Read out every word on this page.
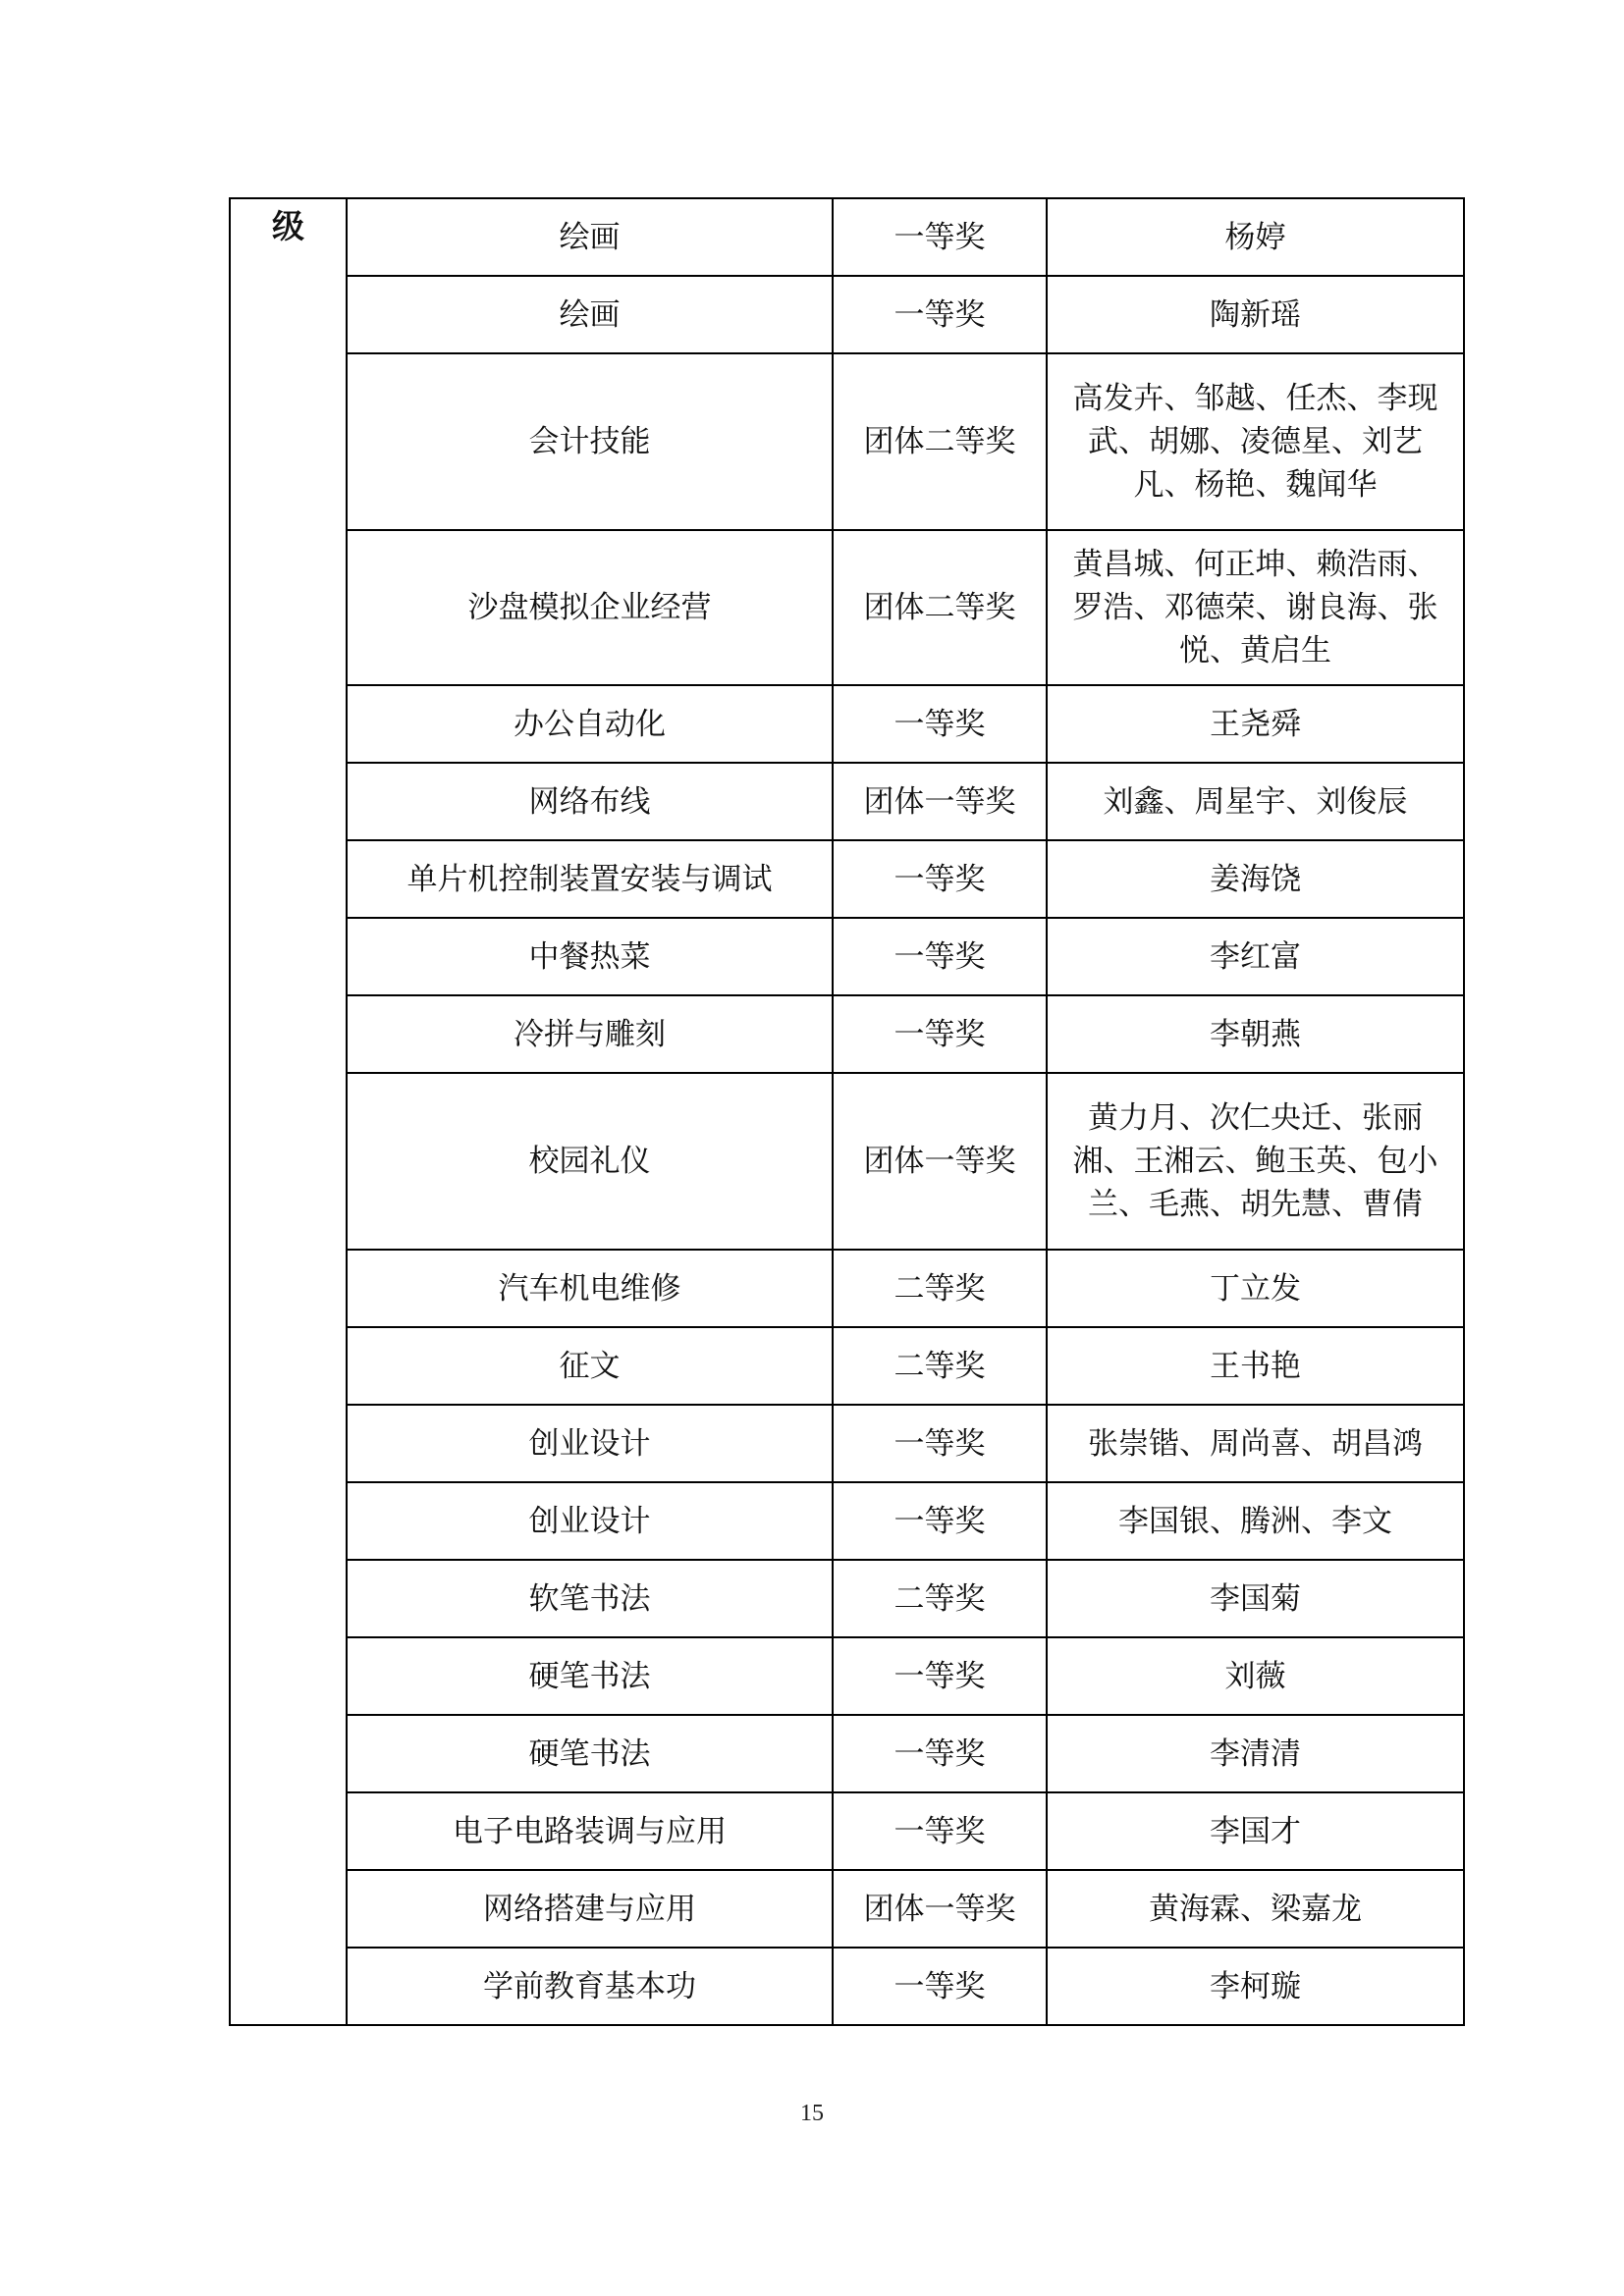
级	绘画	一等奖	杨婷
	绘画	一等奖	陶新瑶
	会计技能	团体二等奖	高发卉、邹越、任杰、李现武、胡娜、凌德星、刘艺凡、杨艳、魏闻华
	沙盘模拟企业经营	团体二等奖	黄昌城、何正坤、赖浩雨、罗浩、邓德荣、谢良海、张悦、黄启生
	办公自动化	一等奖	王尧舜
	网络布线	团体一等奖	刘鑫、周星宇、刘俊辰
	单片机控制装置安装与调试	一等奖	姜海饶
	中餐热菜	一等奖	李红富
	冷拼与雕刻	一等奖	李朝燕
	校园礼仪	团体一等奖	黄力月、次仁央迁、张丽湘、王湘云、鲍玉英、包小兰、毛燕、胡先慧、曹倩
	汽车机电维修	二等奖	丁立发
	征文	二等奖	王书艳
	创业设计	一等奖	张崇锴、周尚喜、胡昌鸿
	创业设计	一等奖	李国银、腾洲、李文
	软笔书法	二等奖	李国菊
	硬笔书法	一等奖	刘薇
	硬笔书法	一等奖	李清清
	电子电路装调与应用	一等奖	李国才
	网络搭建与应用	团体一等奖	黄海霖、梁嘉龙
	学前教育基本功	一等奖	李柯璇
15
